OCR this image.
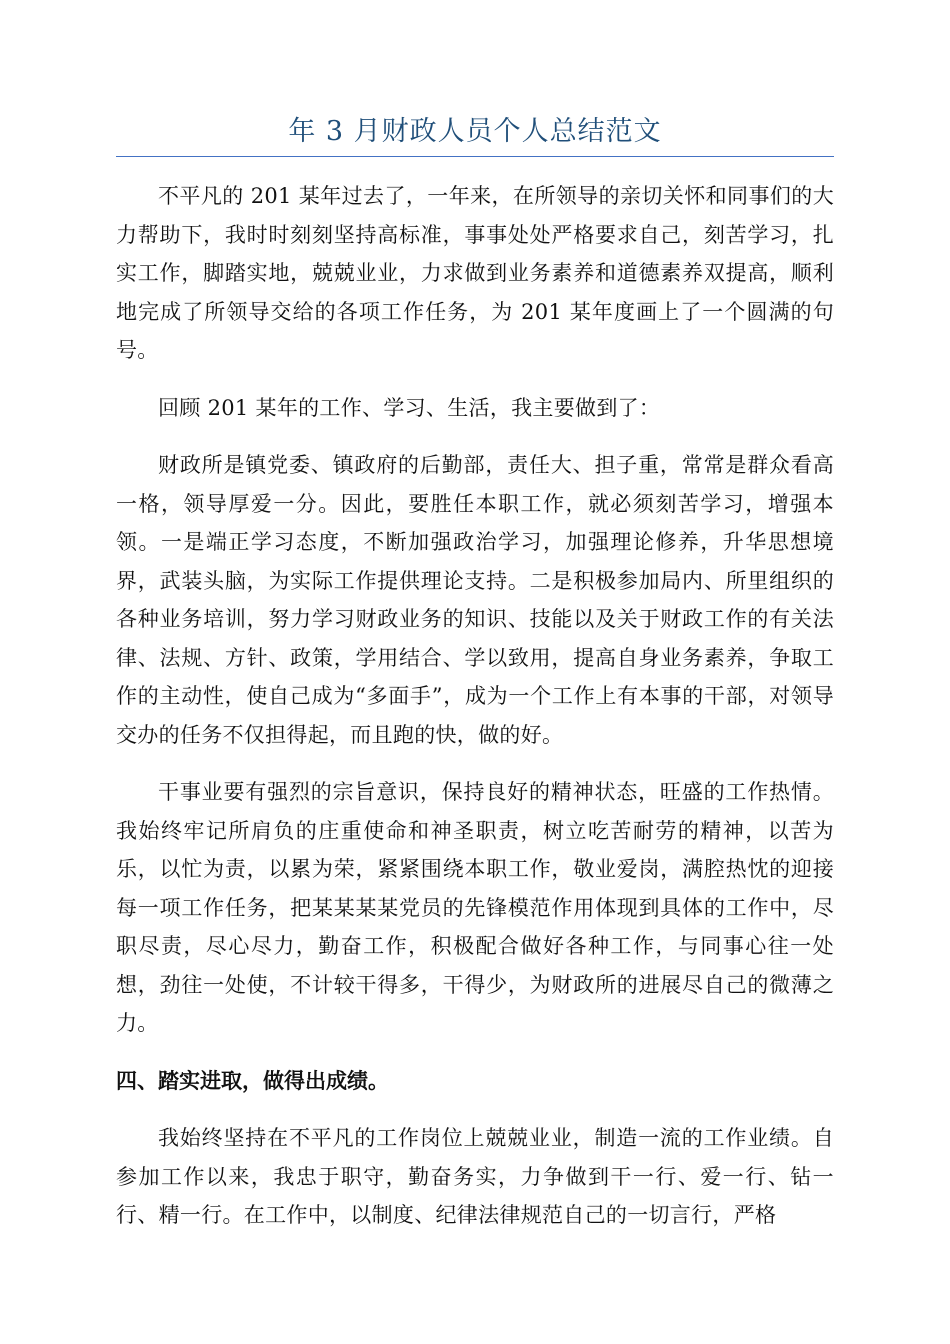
年 3 月财政人员个人总结范文

不平凡的 201 某年过去了，一年来，在所领导的亲切关怀和同事们的大力帮助下，我时时刻刻坚持高标准，事事处处严格要求自己，刻苦学习，扎实工作，脚踏实地，兢兢业业，力求做到业务素养和道德素养双提高，顺利地完成了所领导交给的各项工作任务，为 201 某年度画上了一个圆满的句号。

回顾 201 某年的工作、学习、生活，我主要做到了：

财政所是镇党委、镇政府的后勤部，责任大、担子重，常常是群众看高一格，领导厚爱一分。因此，要胜任本职工作，就必须刻苦学习，增强本领。一是端正学习态度，不断加强政治学习，加强理论修养，升华思想境界，武装头脑，为实际工作提供理论支持。二是积极参加局内、所里组织的各种业务培训，努力学习财政业务的知识、技能以及关于财政工作的有关法律、法规、方针、政策，学用结合、学以致用，提高自身业务素养，争取工作的主动性，使自己成为“多面手”，成为一个工作上有本事的干部，对领导交办的任务不仅担得起，而且跑的快，做的好。

干事业要有强烈的宗旨意识，保持良好的精神状态，旺盛的工作热情。我始终牢记所肩负的庄重使命和神圣职责，树立吃苦耐劳的精神，以苦为乐，以忙为责，以累为荣，紧紧围绕本职工作，敬业爱岗，满腔热忱的迎接每一项工作任务，把某某某某党员的先锋模范作用体现到具体的工作中，尽职尽责，尽心尽力，勤奋工作，积极配合做好各种工作，与同事心往一处想，劲往一处使，不计较干得多，干得少，为财政所的进展尽自己的微薄之力。

四、踏实进取，做得出成绩。

我始终坚持在不平凡的工作岗位上兢兢业业，制造一流的工作业绩。自参加工作以来，我忠于职守，勤奋务实，力争做到干一行、爱一行、钻一行、精一行。在工作中，以制度、纪律法律规范自己的一切言行，严格
